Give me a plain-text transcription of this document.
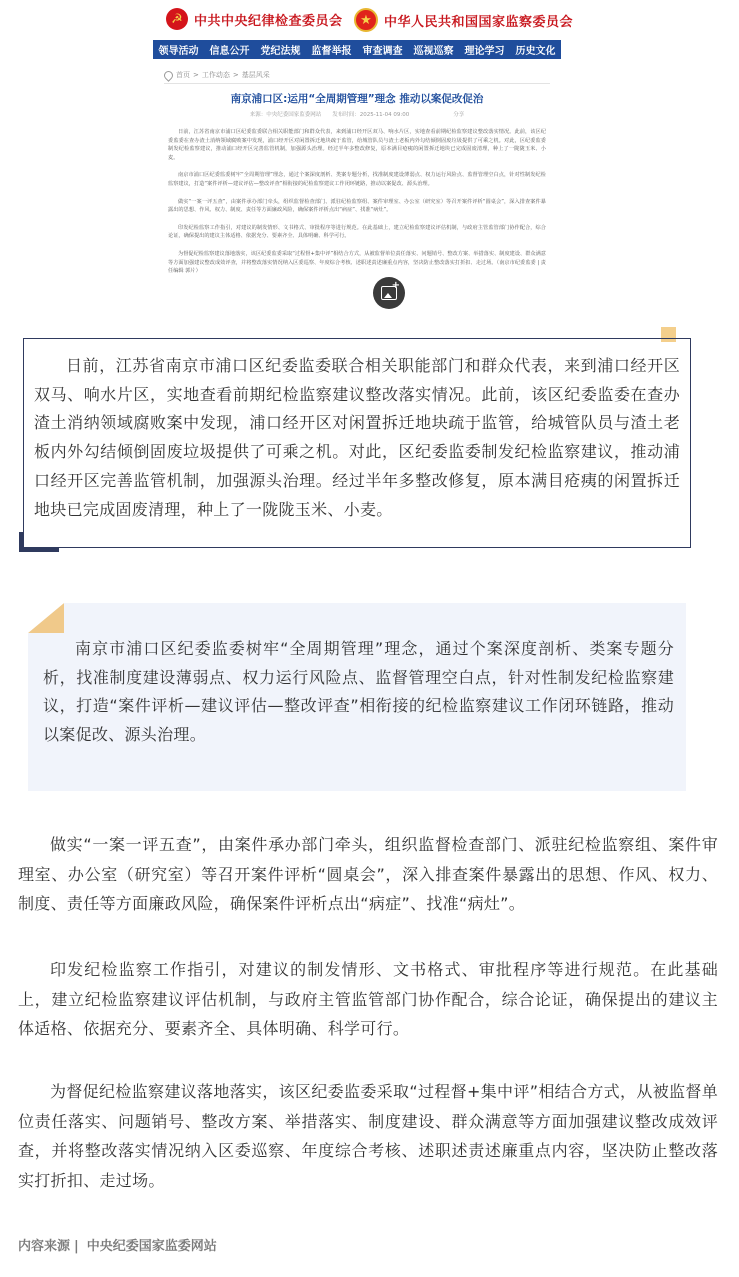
☭ 中共中央纪律检查委员会	★ 中华人民共和国国家监察委员会
领导活动 信息公开 党纪法规 监督举报 审查调查 巡视巡察 理论学习 历史文化
首页 > 工作动态 > 基层风采
南京浦口区:运用“全周期管理”理念 推动以案促改促治
来源：中央纪委国家监委网站　　发布时间：2025-11-04 09:00　　　　　　　　分享

日前，江苏省南京市浦口区纪委监委联合相关职能部门和群众代表，来到浦口经开区双马、响水片区，实地查看前期纪检监察建议整改落实情况。此前，该区纪委监委在查办渣土消纳领域腐败案中发现，浦口经开区对闲置拆迁地块疏于监管，给城管队员与渣土老板内外勾结倾倒固废垃圾提供了可乘之机。对此，区纪委监委制发纪检监察建议，推动浦口经开区完善监管机制，加强源头治理。经过半年多整改修复，原本满目疮痍的闲置拆迁地块已完成固废清理，种上了一陇陇玉米、小麦。

南京市浦口区纪委监委树牢“全周期管理”理念，通过个案深度剖析、类案专题分析，找准制度建设薄弱点、权力运行风险点、监督管理空白点，针对性制发纪检监察建议，打造“案件评析—建议评估—整改评查”相衔接的纪检监察建议工作闭环链路，推动以案促改、源头治理。

做实“一案一评五查”，由案件承办部门牵头，组织监督检查部门、派驻纪检监察组、案件审理室、办公室（研究室）等召开案件评析“圆桌会”，深入排查案件暴露出的思想、作风、权力、制度、责任等方面廉政风险，确保案件评析点出“病症”、找准“病灶”。

印发纪检监察工作指引，对建议的制发情形、文书格式、审批程序等进行规范。在此基础上，建立纪检监察建议评估机制，与政府主管监管部门协作配合，综合论证，确保提出的建议主体适格、依据充分、要素齐全、具体明确、科学可行。

为督促纪检监察建议落地落实，该区纪委监委采取“过程督+集中评”相结合方式，从被监督单位责任落实、问题销号、整改方案、举措落实、制度建设、群众满意等方面加强建议整改成效评查，并将整改落实情况纳入区委巡察、年度综合考核、述职述责述廉重点内容，坚决防止整改落实打折扣、走过场。（南京市纪委监委 | 责任编辑 郭片）

+

日前，江苏省南京市浦口区纪委监委联合相关职能部门和群众代表，来到浦口经开区双马、响水片区，实地查看前期纪检监察建议整改落实情况。此前，该区纪委监委在查办渣土消纳领域腐败案中发现，浦口经开区对闲置拆迁地块疏于监管，给城管队员与渣土老板内外勾结倾倒固废垃圾提供了可乘之机。对此，区纪委监委制发纪检监察建议，推动浦口经开区完善监管机制，加强源头治理。经过半年多整改修复，原本满目疮痍的闲置拆迁地块已完成固废清理，种上了一陇陇玉米、小麦。

南京市浦口区纪委监委树牢“全周期管理”理念，通过个案深度剖析、类案专题分析，找准制度建设薄弱点、权力运行风险点、监督管理空白点，针对性制发纪检监察建议，打造“案件评析—建议评估—整改评查”相衔接的纪检监察建议工作闭环链路，推动以案促改、源头治理。

做实“一案一评五查”，由案件承办部门牵头，组织监督检查部门、派驻纪检监察组、案件审理室、办公室（研究室）等召开案件评析“圆桌会”，深入排查案件暴露出的思想、作风、权力、制度、责任等方面廉政风险，确保案件评析点出“病症”、找准“病灶”。

印发纪检监察工作指引，对建议的制发情形、文书格式、审批程序等进行规范。在此基础上，建立纪检监察建议评估机制，与政府主管监管部门协作配合，综合论证，确保提出的建议主体适格、依据充分、要素齐全、具体明确、科学可行。

为督促纪检监察建议落地落实，该区纪委监委采取“过程督+集中评”相结合方式，从被监督单位责任落实、问题销号、整改方案、举措落实、制度建设、群众满意等方面加强建议整改成效评查，并将整改落实情况纳入区委巡察、年度综合考核、述职述责述廉重点内容，坚决防止整改落实打折扣、走过场。

内容来源 | 中央纪委国家监委网站
